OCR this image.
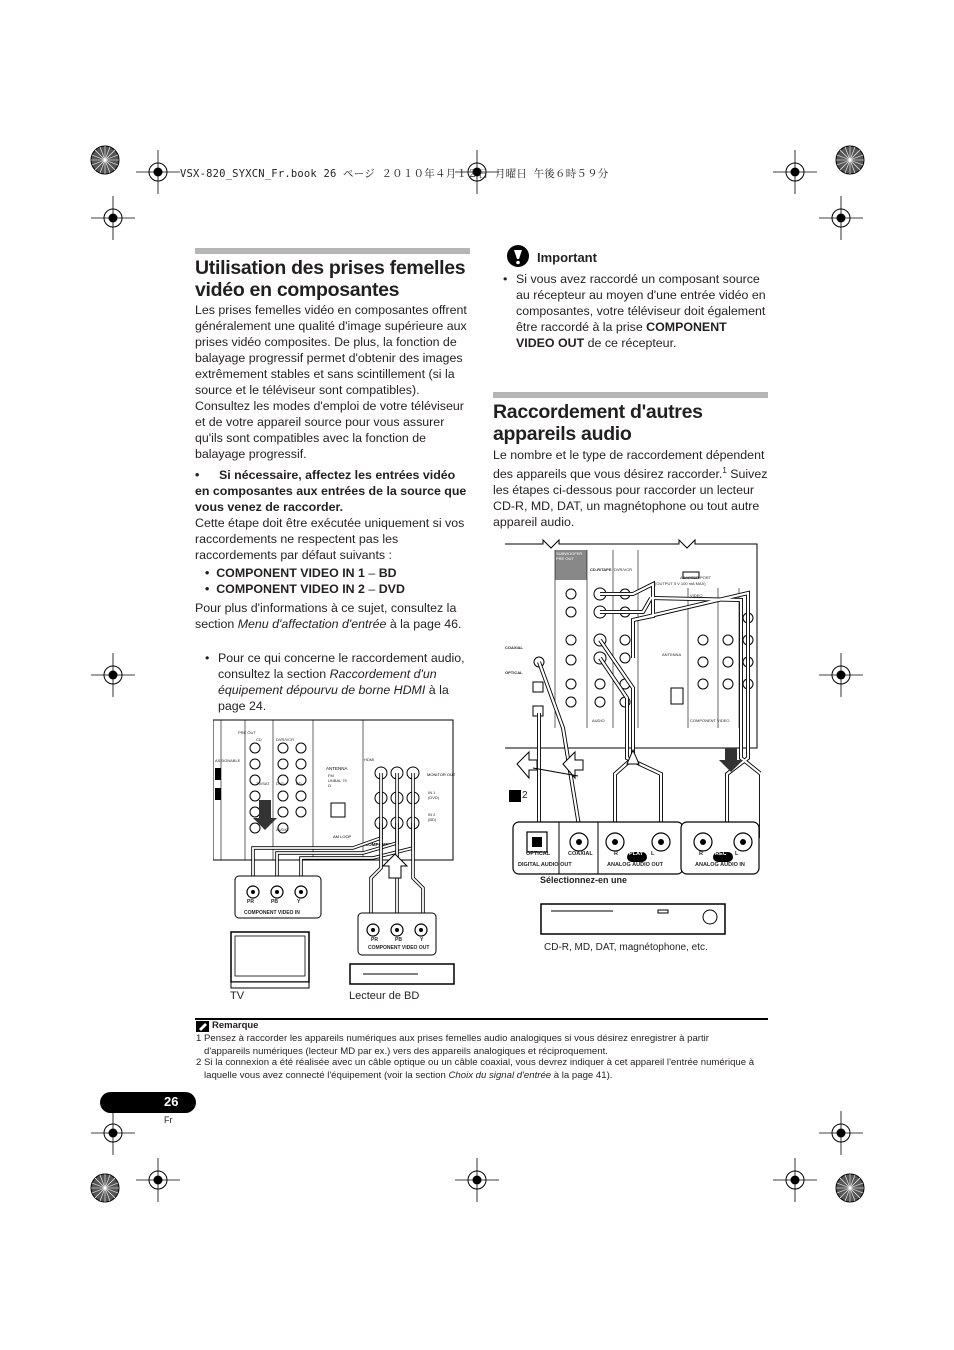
VSX-820_SYXCN_Fr.book 26 ページ ２０１０年４月１２日 月曜日 午後６時５９分
Utilisation des prises femelles vidéo en composantes
Les prises femelles vidéo en composantes offrent généralement une qualité d'image supérieure aux prises vidéo composites. De plus, la fonction de balayage progressif permet d'obtenir des images extrêmement stables et sans scintillement (si la source et le téléviseur sont compatibles). Consultez les modes d'emploi de votre téléviseur et de votre appareil source pour vous assurer qu'ils sont compatibles avec la fonction de balayage progressif.
•	Si nécessaire, affectez les entrées vidéo en composantes aux entrées de la source que vous venez de raccorder.
Cette étape doit être exécutée uniquement si vos raccordements ne respectent pas les raccordements par défaut suivants :
• COMPONENT VIDEO IN 1 – BD
• COMPONENT VIDEO IN 2 – DVD
Pour plus d'informations à ce sujet, consultez la section Menu d'affectation d'entrée à la page 46.
• Pour ce qui concerne le raccordement audio, consultez la section Raccordement d'un équipement dépourvu de borne HDMI à la page 24.
ANTENNA
AM LOOP
COMPONENT
MONITOR OUT
PR	PB	Y
COMPONENT VIDEO IN
PR	PB	Y
COMPONENT VIDEO OUT
PRE OUT
CD	DVR/VCR
ASSIGNABLE
TV/SAT DVD	BD
AUDIO
FM UNBAL 75 Ω
HDMI
IN 1 (DVD)
IN 2 (BD)
TV	Lecteur de BD
Important
• Si vous avez raccordé un composant source au récepteur au moyen d'une entrée vidéo en composantes, votre téléviseur doit également être raccordé à la prise COMPONENT VIDEO OUT de ce récepteur.
Raccordement d'autres appareils audio
Le nombre et le type de raccordement dépendent des appareils que vous désirez raccorder.$^1$ Suivez les étapes ci-dessous pour raccorder un lecteur CD-R, MD, DAT, un magnétophone ou tout autre appareil audio.
SUBWOOFER PRE OUT
CD-R/TAPE DVR/VCR
ADAPTER PORT
(OUTPUT 5 V 100 mA MAX)
VIDEO
ANTENNA
COAXIAL
OPTICAL
AUDIO	COMPONENT VIDEO
2
OPTICAL	COAXIAL	R PLAY L	R REC L
DIGITAL AUDIO OUT	ANALOG AUDIO OUT	ANALOG AUDIO IN
Sélectionnez-en une
CD-R, MD, DAT, magnétophone, etc.
Remarque
1 Pensez à raccorder les appareils numériques aux prises femelles audio analogiques si vous désirez enregistrer à partir d'appareils numériques (lecteur MD par ex.) vers des appareils analogiques et réciproquement.
2 Si la connexion a été réalisée avec un câble optique ou un câble coaxial, vous devrez indiquer à cet appareil l'entrée numérique à laquelle vous avez connecté l'équipement (voir la section Choix du signal d'entrée à la page 41).
26
Fr
